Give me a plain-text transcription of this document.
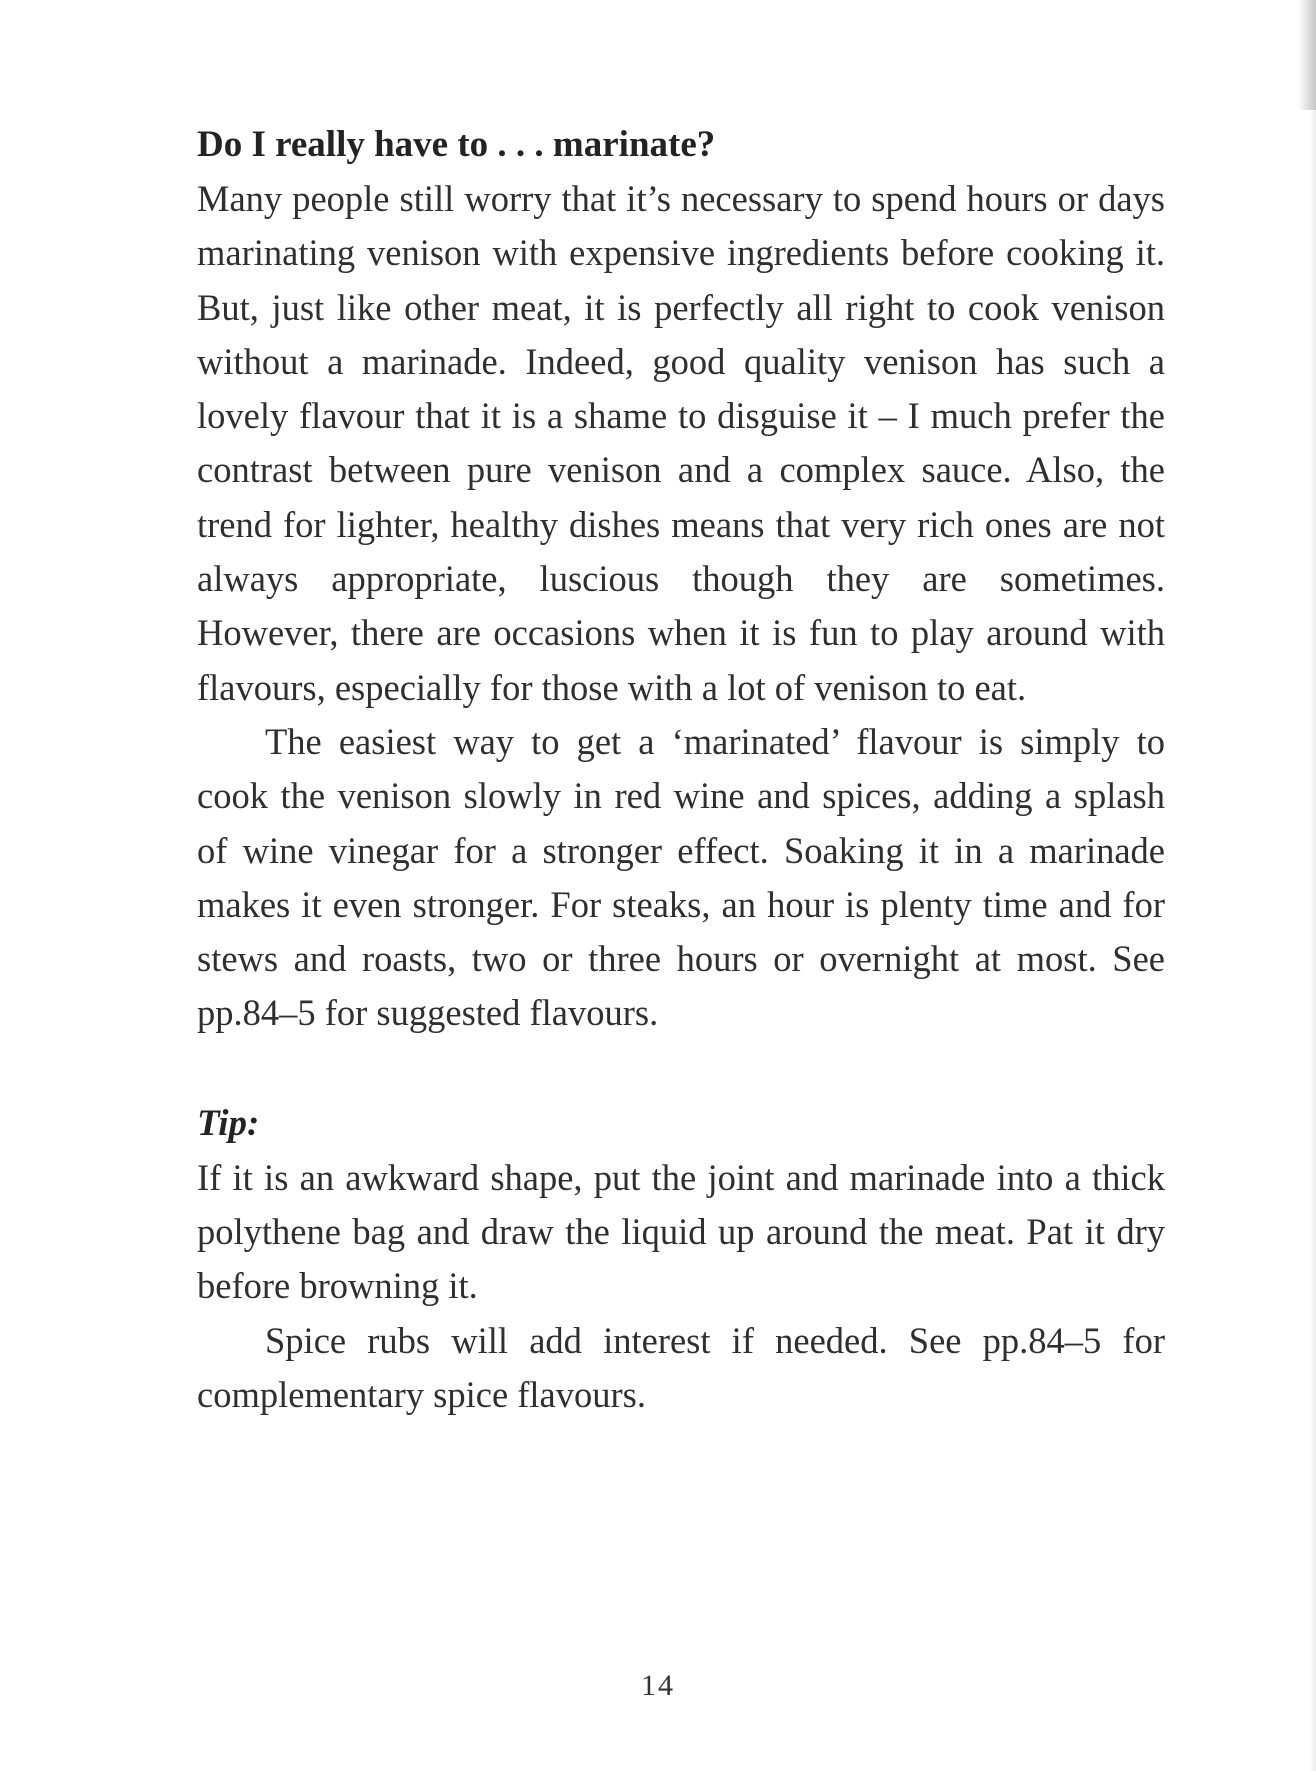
Do I really have to . . . marinate?

Many people still worry that it’s necessary to spend hours or days marinating venison with expensive ingredients before cooking it. But, just like other meat, it is perfectly all right to cook venison without a marinade. Indeed, good quality venison has such a lovely flavour that it is a shame to disguise it – I much prefer the contrast between pure venison and a complex sauce. Also, the trend for lighter, healthy dishes means that very rich ones are not always appropriate, luscious though they are sometimes. However, there are occasions when it is fun to play around with flavours, especially for those with a lot of venison to eat.

The easiest way to get a ‘marinated’ flavour is simply to cook the venison slowly in red wine and spices, adding a splash of wine vinegar for a stronger effect. Soaking it in a marinade makes it even stronger. For steaks, an hour is plenty time and for stews and roasts, two or three hours or overnight at most. See pp.84–5 for suggested flavours.

Tip:

If it is an awkward shape, put the joint and marinade into a thick polythene bag and draw the liquid up around the meat. Pat it dry before browning it.

Spice rubs will add interest if needed. See pp.84–5 for complementary spice flavours.

14
